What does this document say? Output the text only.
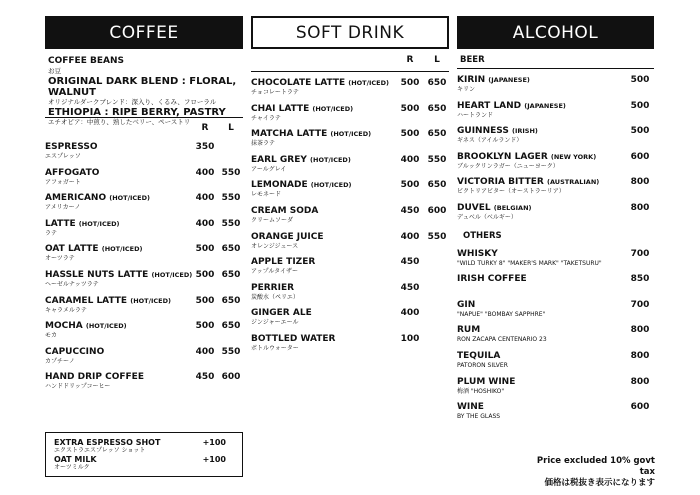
COFFEE
COFFEE BEANS
お豆
ORIGINAL DARK BLEND : FLORAL, WALNUT
オリジナルダークブレンド：深入り、くるみ、フローラル
ETHIOPIA : RIPE BERRY, PASTRY
エチオピア：中煎り、熟したベリー、ペーストリ
R	L
ESPRESSO
エスプレッソ
350
AFFOGATO
アフォガート
400 550
AMERICANO (HOT/ICED)
アメリカーノ
400 550
LATTE (HOT/ICED)
ラテ
400 550
OAT LATTE (HOT/ICED)
オーツラテ
500 650
HASSLE NUTS LATTE (HOT/ICED)
ヘーゼルナッツラテ
500 650
CARAMEL LATTE (HOT/ICED)
キャラメルラテ
500 650
MOCHA (HOT/ICED)
モカ
500 650
CAPUCCINO
カプチーノ
400 550
HAND DRIP COFFEE
ハンドドリップコーヒー
450 600
SOFT DRINK
R	L
CHOCOLATE LATTE (HOT/ICED)
チョコレートラテ
500 650
CHAI LATTE (HOT/ICED)
チャイラテ
500 650
MATCHA LATTE (HOT/ICED)
抹茶ラテ
500 650
EARL GREY (HOT/ICED)
アールグレイ
400 550
LEMONADE (HOT/ICED)
レモネード
500 650
CREAM SODA
クリームソーダ
450 600
ORANGE JUICE
オレンジジュース
400 550
APPLE TIZER
アップルタイザー
450
PERRIER
炭酸水（ペリエ）
450
GINGER ALE
ジンジャーエール
400
BOTTLED WATER
ボトルウォーター
100
ALCOHOL
BEER
KIRIN (JAPANESE)
キリン
500
HEART LAND (JAPANESE)
ハートランド
500
GUINNESS (IRISH)
ギネス（アイルランド）
500
BROOKLYN LAGER (NEW YORK)
ブルックリンラガー（ニューヨーク）
600
VICTORIA BITTER (AUSTRALIAN)
ビクトリアビター（オーストラーリア）
800
DUVEL (BELGIAN)
デュベル（ベルギー）
800
OTHERS
WHISKY
"WILD TURKY 8" "MAKER'S MARK" "TAKETSURU"
700
IRISH COFFEE	850
GIN
"NAPUE" "BOMBAY SAPPHRE"
700
RUM
RON ZACAPA CENTENARIO 23
800
TEQUILA
PATORON SILVER
800
PLUM WINE
梅酒 "HOSHIKO"
800
WINE
BY THE GLASS
600
EXTRA ESPRESSO SHOT
エクストラエスプレッソ ショット
+100
OAT MILK
オーツミルク
+100	Price excluded 10% govt tax
価格は税抜き表示になります
